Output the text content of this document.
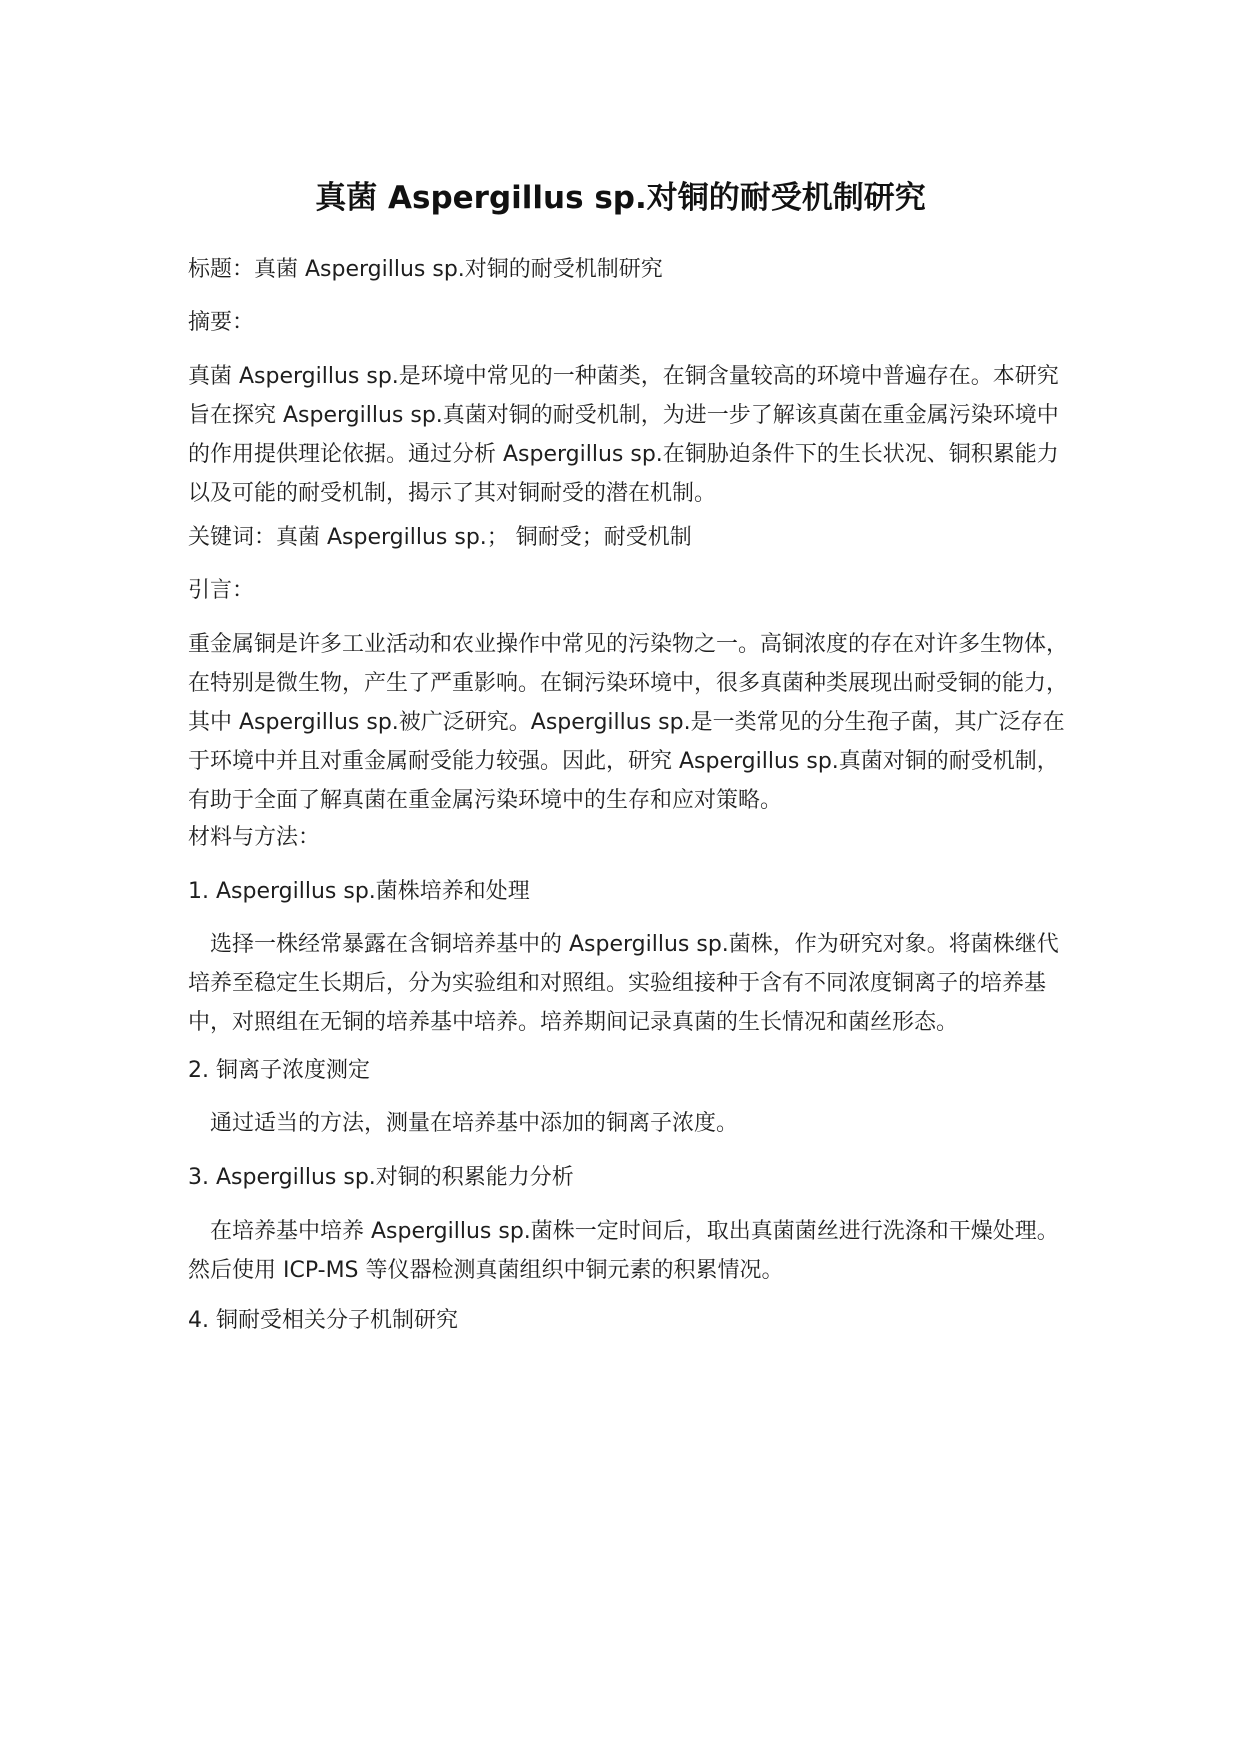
真菌 Aspergillus sp.对铜的耐受机制研究

标题：真菌 Aspergillus sp.对铜的耐受机制研究

摘要：

真菌 Aspergillus sp.是环境中常见的一种菌类，在铜含量较高的环境中普遍存在。本研究旨在探究 Aspergillus sp.真菌对铜的耐受机制，为进一步了解该真菌在重金属污染环境中的作用提供理论依据。通过分析 Aspergillus sp.在铜胁迫条件下的生长状况、铜积累能力以及可能的耐受机制，揭示了其对铜耐受的潜在机制。

关键词：真菌 Aspergillus sp.； 铜耐受；耐受机制

引言：

重金属铜是许多工业活动和农业操作中常见的污染物之一。高铜浓度的存在对许多生物体，在特别是微生物，产生了严重影响。在铜污染环境中，很多真菌种类展现出耐受铜的能力，其中 Aspergillus sp.被广泛研究。Aspergillus sp.是一类常见的分生孢子菌，其广泛存在于环境中并且对重金属耐受能力较强。因此，研究 Aspergillus sp.真菌对铜的耐受机制，有助于全面了解真菌在重金属污染环境中的生存和应对策略。

材料与方法：

1. Aspergillus sp.菌株培养和处理

选择一株经常暴露在含铜培养基中的 Aspergillus sp.菌株，作为研究对象。将菌株继代培养至稳定生长期后，分为实验组和对照组。实验组接种于含有不同浓度铜离子的培养基中，对照组在无铜的培养基中培养。培养期间记录真菌的生长情况和菌丝形态。

2. 铜离子浓度测定

通过适当的方法，测量在培养基中添加的铜离子浓度。

3. Aspergillus sp.对铜的积累能力分析

在培养基中培养 Aspergillus sp.菌株一定时间后，取出真菌菌丝进行洗涤和干燥处理。然后使用 ICP-MS 等仪器检测真菌组织中铜元素的积累情况。

4. 铜耐受相关分子机制研究
